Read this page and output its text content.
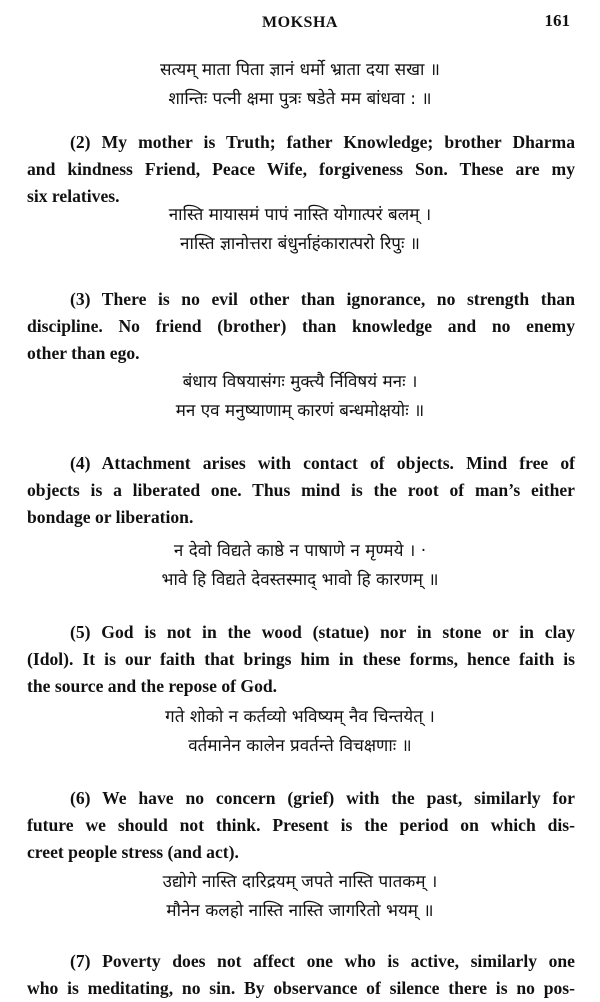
MOKSHA	161
सत्यम् माता पिता ज्ञानं धर्मो भ्राता दया सखा ॥
शान्तिः पत्नी क्षमा पुत्रः षडेते मम बांधवा : ॥
(2) My mother is Truth; father Knowledge; brother Dharma
and kindness Friend, Peace Wife, forgiveness Son. These are my
six relatives.
नास्ति मायासमं पापं नास्ति योगात्परं बलम् ।
नास्ति ज्ञानोत्तरा बंधुर्नाहंकारात्परो रिपुः ॥
(3) There is no evil other than ignorance, no strength than
discipline. No friend (brother) than knowledge and no enemy
other than ego.
बंधाय विषयासंगः मुक्त्यै र्निविषयं मनः ।
मन एव मनुष्याणाम् कारणं बन्धमोक्षयोः ॥
(4) Attachment arises with contact of objects. Mind free of
objects is a liberated one. Thus mind is the root of man’s either
bondage or liberation.
न देवो विद्यते काष्ठे न पाषाणे न मृण्मये । ·
भावे हि विद्यते देवस्तस्माद् भावो हि कारणम् ॥
(5) God is not in the wood (statue) nor in stone or in clay
(Idol). It is our faith that brings him in these forms, hence faith is
the source and the repose of God.
गते शोको न कर्तव्यो भविष्यम् नैव चिन्तयेत् ।
वर्तमानेन कालेन प्रवर्तन्ते विचक्षणाः ॥
(6) We have no concern (grief) with the past, similarly for
future we should not think. Present is the period on which dis-
creet people stress (and act).
उद्योगे नास्ति दारिद्रयम् जपते नास्ति पातकम् ।
मौनेन कलहो नास्ति नास्ति जागरितो भयम् ॥
(7) Poverty does not affect one who is active, similarly one
who is meditating, no sin. By observance of silence there is no pos-
